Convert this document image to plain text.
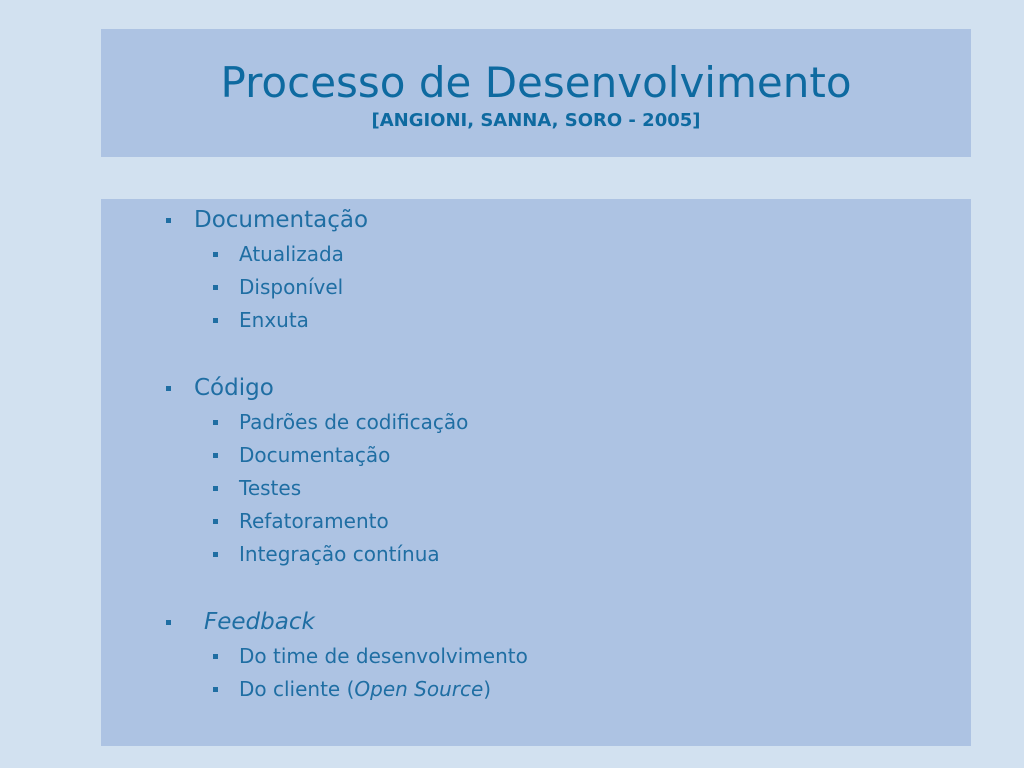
Processo de Desenvolvimento

[ANGIONI, SANNA, SORO - 2005]

Documentação
Atualizada
Disponível
Enxuta
Código
Padrões de codificação
Documentação
Testes
Refatoramento
Integração contínua
Feedback
Do time de desenvolvimento
Do cliente (Open Source)
